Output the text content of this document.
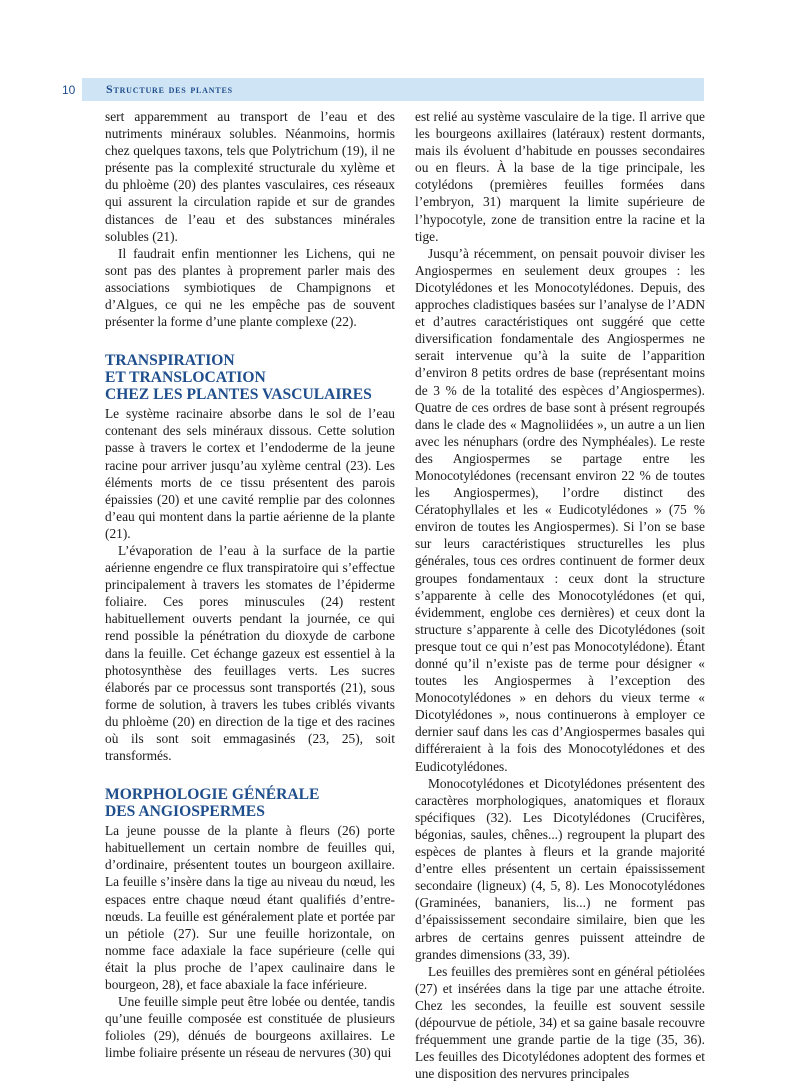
10	Structure des plantes

sert apparemment au transport de l’eau et des nutriments minéraux solubles. Néanmoins, hormis chez quelques taxons, tels que Polytrichum (19), il ne présente pas la complexité structurale du xylème et du phloème (20) des plantes vasculaires, ces réseaux qui assurent la circulation rapide et sur de grandes distances de l’eau et des substances minérales solubles (21).

Il faudrait enfin mentionner les Lichens, qui ne sont pas des plantes à proprement parler mais des associations symbiotiques de Champignons et d’Algues, ce qui ne les empêche pas de souvent présenter la forme d’une plante complexe (22).

TRANSPIRATION
ET TRANSLOCATION
CHEZ LES PLANTES VASCULAIRES

Le système racinaire absorbe dans le sol de l’eau contenant des sels minéraux dissous. Cette solution passe à travers le cortex et l’endoderme de la jeune racine pour arriver jusqu’au xylème central (23). Les éléments morts de ce tissu présentent des parois épaissies (20) et une cavité remplie par des colonnes d’eau qui montent dans la partie aérienne de la plante (21).

L’évaporation de l’eau à la surface de la partie aérienne engendre ce flux transpiratoire qui s’effectue principalement à travers les stomates de l’épiderme foliaire. Ces pores minuscules (24) restent habituellement ouverts pendant la journée, ce qui rend possible la pénétration du dioxyde de carbone dans la feuille. Cet échange gazeux est essentiel à la photosynthèse des feuillages verts. Les sucres élaborés par ce processus sont transportés (21), sous forme de solution, à travers les tubes criblés vivants du phloème (20) en direction de la tige et des racines où ils sont soit emmagasinés (23, 25), soit transformés.

MORPHOLOGIE GÉNÉRALE
DES ANGIOSPERMES

La jeune pousse de la plante à fleurs (26) porte habituellement un certain nombre de feuilles qui, d’ordinaire, présentent toutes un bourgeon axillaire. La feuille s’insère dans la tige au niveau du nœud, les espaces entre chaque nœud étant qualifiés d’entre-nœuds. La feuille est généralement plate et portée par un pétiole (27). Sur une feuille horizontale, on nomme face adaxiale la face supérieure (celle qui était la plus proche de l’apex caulinaire dans le bourgeon, 28), et face abaxiale la face inférieure.

Une feuille simple peut être lobée ou dentée, tandis qu’une feuille composée est constituée de plusieurs folioles (29), dénués de bourgeons axillaires. Le limbe foliaire présente un réseau de nervures (30) qui

est relié au système vasculaire de la tige. Il arrive que les bourgeons axillaires (latéraux) restent dormants, mais ils évoluent d’habitude en pousses secondaires ou en fleurs. À la base de la tige principale, les cotylédons (premières feuilles formées dans l’embryon, 31) marquent la limite supérieure de l’hypocotyle, zone de transition entre la racine et la tige.

Jusqu’à récemment, on pensait pouvoir diviser les Angiospermes en seulement deux groupes : les Dicotylédones et les Monocotylédones. Depuis, des approches cladistiques basées sur l’analyse de l’ADN et d’autres caractéristiques ont suggéré que cette diversification fondamentale des Angiospermes ne serait intervenue qu’à la suite de l’apparition d’environ 8 petits ordres de base (représentant moins de 3 % de la totalité des espèces d’Angiospermes). Quatre de ces ordres de base sont à présent regroupés dans le clade des « Magnoliidées », un autre a un lien avec les nénuphars (ordre des Nymphéales). Le reste des Angiospermes se partage entre les Monocotylédones (recensant environ 22 % de toutes les Angiospermes), l’ordre distinct des Cératophyllales et les « Eudicotylédones » (75 % environ de toutes les Angiospermes). Si l’on se base sur leurs caractéristiques structurelles les plus générales, tous ces ordres continuent de former deux groupes fondamentaux : ceux dont la structure s’apparente à celle des Monocotylédones (et qui, évidemment, englobe ces dernières) et ceux dont la structure s’apparente à celle des Dicotylédones (soit presque tout ce qui n’est pas Monocotylédone). Étant donné qu’il n’existe pas de terme pour désigner « toutes les Angiospermes à l’exception des Monocotylédones » en dehors du vieux terme « Dicotylédones », nous continuerons à employer ce dernier sauf dans les cas d’Angiospermes basales qui différeraient à la fois des Monocotylédones et des Eudicotylédones.

Monocotylédones et Dicotylédones présentent des caractères morphologiques, anatomiques et floraux spécifiques (32). Les Dicotylédones (Crucifères, bégonias, saules, chênes...) regroupent la plupart des espèces de plantes à fleurs et la grande majorité d’entre elles présentent un certain épaississement secondaire (ligneux) (4, 5, 8). Les Monocotylédones (Graminées, bananiers, lis...) ne forment pas d’épaississement secondaire similaire, bien que les arbres de certains genres puissent atteindre de grandes dimensions (33, 39).

Les feuilles des premières sont en général pétiolées (27) et insérées dans la tige par une attache étroite. Chez les secondes, la feuille est souvent sessile (dépourvue de pétiole, 34) et sa gaine basale recouvre fréquemment une grande partie de la tige (35, 36). Les feuilles des Dicotylédones adoptent des formes et une disposition des nervures principales
